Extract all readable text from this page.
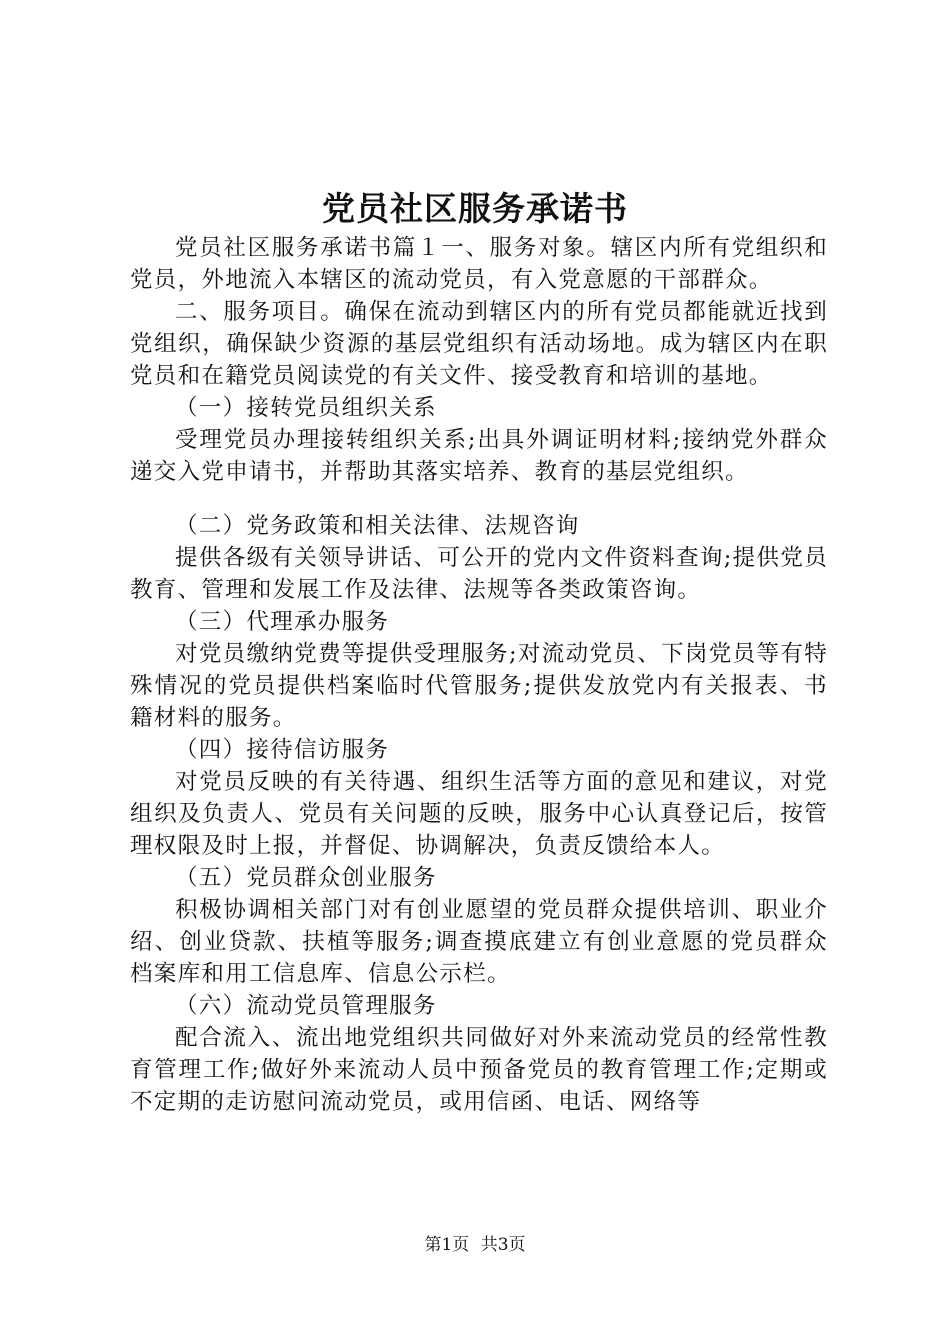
党员社区服务承诺书

党员社区服务承诺书篇１一、服务对象。辖区内所有党组织和党员，外地流入本辖区的流动党员，有入党意愿的干部群众。

二、服务项目。确保在流动到辖区内的所有党员都能就近找到党组织，确保缺少资源的基层党组织有活动场地。成为辖区内在职党员和在籍党员阅读党的有关文件、接受教育和培训的基地。

（一）接转党员组织关系

受理党员办理接转组织关系;出具外调证明材料;接纳党外群众递交入党申请书，并帮助其落实培养、教育的基层党组织。

（二）党务政策和相关法律、法规咨询

提供各级有关领导讲话、可公开的党内文件资料查询;提供党员教育、管理和发展工作及法律、法规等各类政策咨询。

（三）代理承办服务

对党员缴纳党费等提供受理服务;对流动党员、下岗党员等有特殊情况的党员提供档案临时代管服务;提供发放党内有关报表、书籍材料的服务。

（四）接待信访服务

对党员反映的有关待遇、组织生活等方面的意见和建议，对党组织及负责人、党员有关问题的反映，服务中心认真登记后，按管理权限及时上报，并督促、协调解决，负责反馈给本人。

（五）党员群众创业服务

积极协调相关部门对有创业愿望的党员群众提供培训、职业介绍、创业贷款、扶植等服务;调查摸底建立有创业意愿的党员群众档案库和用工信息库、信息公示栏。

（六）流动党员管理服务

配合流入、流出地党组织共同做好对外来流动党员的经常性教育管理工作;做好外来流动人员中预备党员的教育管理工作;定期或不定期的走访慰问流动党员，或用信函、电话、网络等

第1页 共3页
